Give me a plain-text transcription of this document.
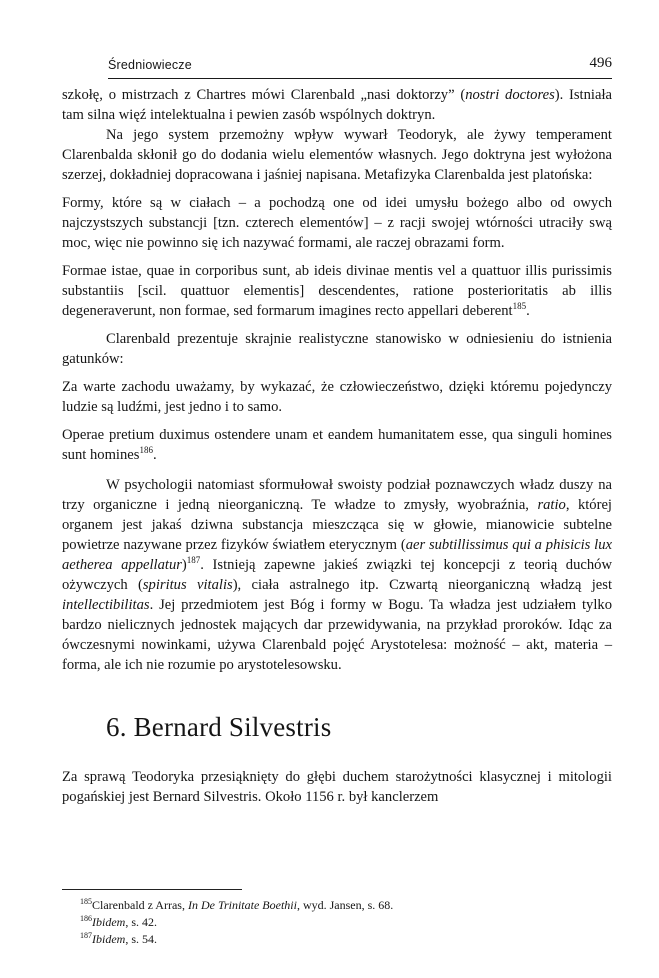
Średniowiecze	496

szkołę, o mistrzach z Chartres mówi Clarenbald „nasi doktorzy” (nostri doctores). Istniała tam silna więź intelektualna i pewien zasób wspólnych doktryn.

Na jego system przemożny wpływ wywarł Teodoryk, ale żywy temperament Clarenbalda skłonił go do dodania wielu elementów własnych. Jego doktryna jest wyłożona szerzej, dokładniej dopracowana i jaśniej napisana. Metafizyka Clarenbalda jest platońska:

Formy, które są w ciałach – a pochodzą one od idei umysłu bożego albo od owych najczystszych substancji [tzn. czterech elementów] – z racji swojej wtórności utraciły swą moc, więc nie powinno się ich nazywać formami, ale raczej obrazami form.

Formae istae, quae in corporibus sunt, ab ideis divinae mentis vel a quattuor illis purissimis substantiis [scil. quattuor elementis] descendentes, ratione posterioritatis ab illis degeneraverunt, non formae, sed formarum imagines recto appellari deberent$^{185}$.

Clarenbald prezentuje skrajnie realistyczne stanowisko w odniesieniu do istnienia gatunków:

Za warte zachodu uważamy, by wykazać, że człowieczeństwo, dzięki któremu pojedynczy ludzie są ludźmi, jest jedno i to samo.

Operae pretium duximus ostendere unam et eandem humanitatem esse, qua singuli homines sunt homines$^{186}$.

W psychologii natomiast sformułował swoisty podział poznawczych władz duszy na trzy organiczne i jedną nieorganiczną. Te władze to zmysły, wyobraźnia, ratio, której organem jest jakaś dziwna substancja mieszcząca się w głowie, mianowicie subtelne powietrze nazywane przez fizyków światłem eterycznym (aer subtillissimus qui a phisicis lux aetherea appellatur)$^{187}$. Istnieją zapewne jakieś związki tej koncepcji z teorią duchów ożywczych (spiritus vitalis), ciała astralnego itp. Czwartą nieorganiczną władzą jest intellectibilitas. Jej przedmiotem jest Bóg i formy w Bogu. Ta władza jest udziałem tylko bardzo nielicznych jednostek mających dar przewidywania, na przykład proroków. Idąc za ówczesnymi nowinkami, używa Clarenbald pojęć Arystotelesa: możność – akt, materia – forma, ale ich nie rozumie po arystotelesowsku.

6. Bernard Silvestris

Za sprawą Teodoryka przesiąknięty do głębi duchem starożytności klasycznej i mitologii pogańskiej jest Bernard Silvestris. Około 1156 r. był kanclerzem

$^{185}$Clarenbald z Arras, In De Trinitate Boethii, wyd. Jansen, s. 68.

$^{186}$Ibidem, s. 42.

$^{187}$Ibidem, s. 54.
